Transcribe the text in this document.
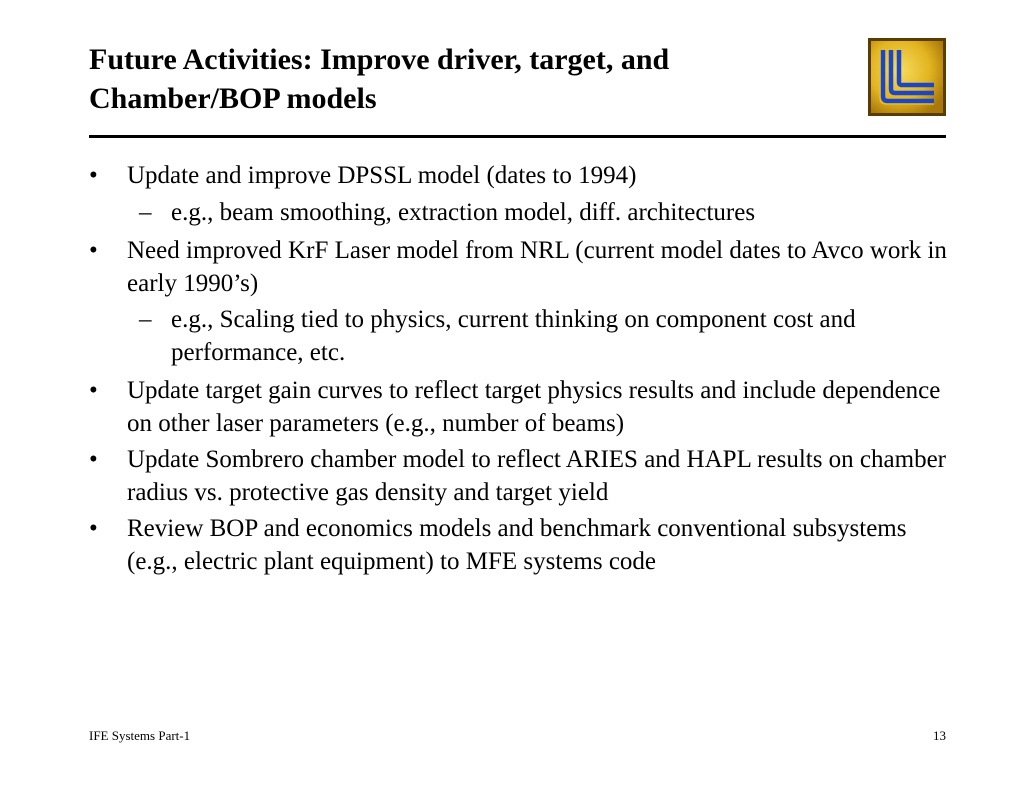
Future Activities: Improve driver, target, and Chamber/BOP models
•	Update and improve DPSSL model (dates to 1994)
– e.g., beam smoothing, extraction model, diff. architectures
•	Need improved KrF Laser model from NRL (current model dates to Avco work in early 1990’s)
– e.g., Scaling tied to physics, current thinking on component cost and performance, etc.
•	Update target gain curves to reflect target physics results and include dependence on other laser parameters (e.g., number of beams)
•	Update Sombrero chamber model to reflect ARIES and HAPL results on chamber radius vs. protective gas density and target yield
•	Review BOP and economics models and benchmark conventional subsystems (e.g., electric plant equipment) to MFE systems code
IFE Systems Part-1	13
